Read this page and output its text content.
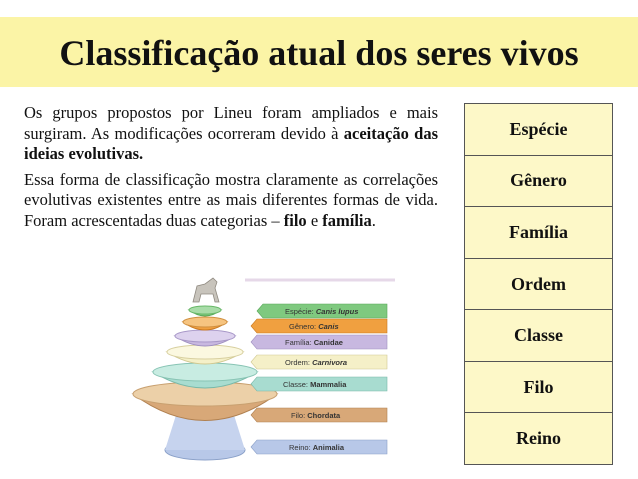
Classificação atual dos seres vivos

Os grupos propostos por Lineu foram ampliados e mais surgiram. As modificações ocorreram devido à aceitação das ideias evolutivas.

Essa forma de classificação mostra claramente as correlações evolutivas existentes entre as mais diferentes formas de vida. Foram acrescentadas duas categorias – filo e família.

Espécie
Gênero
Família
Ordem
Classe
Filo
Reino
Espécie: Canis lupus
Gênero: Canis
Família: Canidae
Ordem: Carnivora
Classe: Mammalia
Filo: Chordata
Reino: Animalia
